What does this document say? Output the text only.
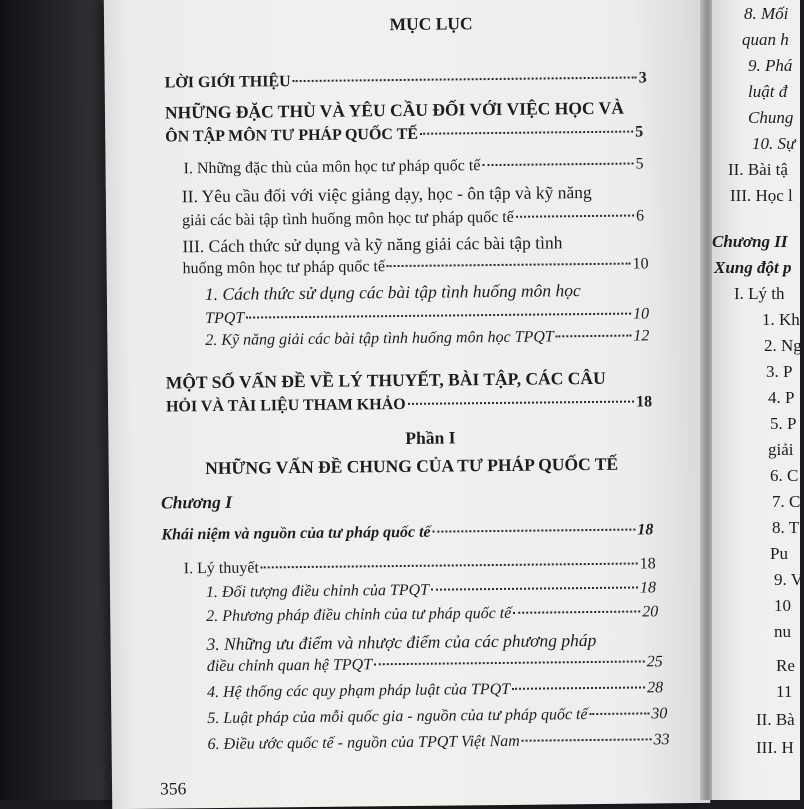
8. Mối
quan h
9. Phá
luật đ
Chung
10. Sự
II. Bài tậ
III. Học l
Chương II
Xung đột p
I. Lý th
1. Kh
2. Ng
3. P
4. P
5. P
giải
6. C
7. C
8. T
Pu
9. V
10
nu
Re
11
II. Bà
III. H
MỤC LỤC
LỜI GIỚI THIỆU	3
NHỮNG ĐẶC THÙ VÀ YÊU CẦU ĐỐI VỚI VIỆC HỌC VÀ
ÔN TẬP MÔN TƯ PHÁP QUỐC TẾ	5
I. Những đặc thù của môn học tư pháp quốc tế	5
II. Yêu cầu đối với việc giảng dạy, học - ôn tập và kỹ năng
giải các bài tập tình huống môn học tư pháp quốc tế	6
III. Cách thức sử dụng và kỹ năng giải các bài tập tình
huống môn học tư pháp quốc tế	10
1. Cách thức sử dụng các bài tập tình huống môn học
TPQT	10
2. Kỹ năng giải các bài tập tình huống môn học TPQT	12
MỘT SỐ VẤN ĐỀ VỀ LÝ THUYẾT, BÀI TẬP, CÁC CÂU
HỎI VÀ TÀI LIỆU THAM KHẢO	18
Phần I
NHỮNG VẤN ĐỀ CHUNG CỦA TƯ PHÁP QUỐC TẾ
Chương I
Khái niệm và nguồn của tư pháp quốc tế	18
I. Lý thuyết	18
1. Đối tượng điều chỉnh của TPQT	18
2. Phương pháp điều chỉnh của tư pháp quốc tế	20
3. Những ưu điểm và nhược điểm của các phương pháp
điều chỉnh quan hệ TPQT	25
4. Hệ thống các quy phạm pháp luật của TPQT	28
5. Luật pháp của mỗi quốc gia - nguồn của tư pháp quốc tế	30
6. Điều ước quốc tế - nguồn của TPQT Việt Nam	33
356
